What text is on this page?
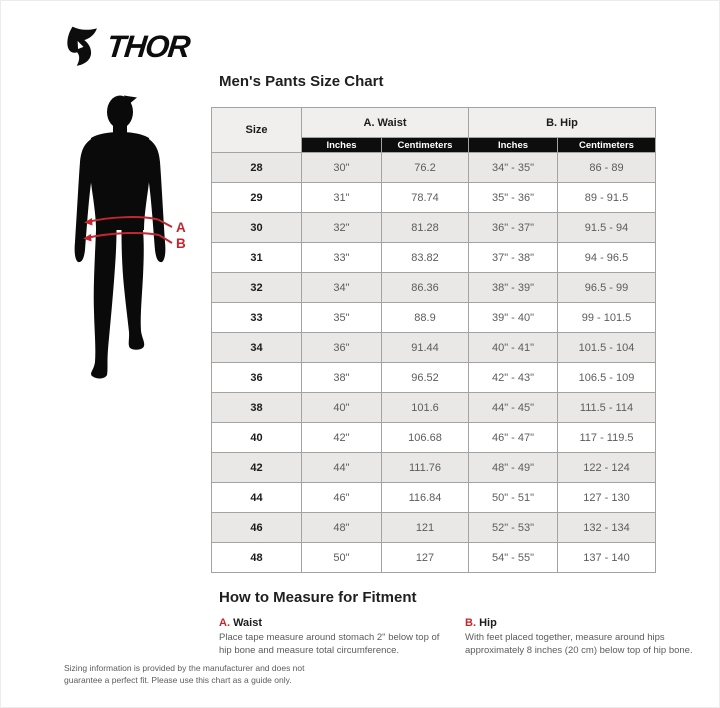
THOR
A
B
Men's Pants Size Chart
Size	A. Waist		B. Hip	
	Inches	Centimeters	Inches	Centimeters
28	30"	76.2	34" - 35"	86 - 89
29	31"	78.74	35" - 36"	89 - 91.5
30	32"	81.28	36" - 37"	91.5 - 94
31	33"	83.82	37" - 38"	94 - 96.5
32	34"	86.36	38" - 39"	96.5 - 99
33	35"	88.9	39" - 40"	99 - 101.5
34	36"	91.44	40" - 41"	101.5 - 104
36	38"	96.52	42" - 43"	106.5 - 109
38	40"	101.6	44" - 45"	111.5 - 114
40	42"	106.68	46" - 47"	117 - 119.5
42	44"	111.76	48" - 49"	122 - 124
44	46"	116.84	50" - 51"	127 - 130
46	48"	121	52" - 53"	132 - 134
48	50"	127	54" - 55"	137 - 140
How to Measure for Fitment
A. Waist

Place tape measure around stomach 2" below top of hip bone and measure total circumference.

B. Hip

With feet placed together, measure around hips approximately 8 inches (20 cm) below top of hip bone.

Sizing information is provided by the manufacturer and does not guarantee a perfect fit. Please use this chart as a guide only.
